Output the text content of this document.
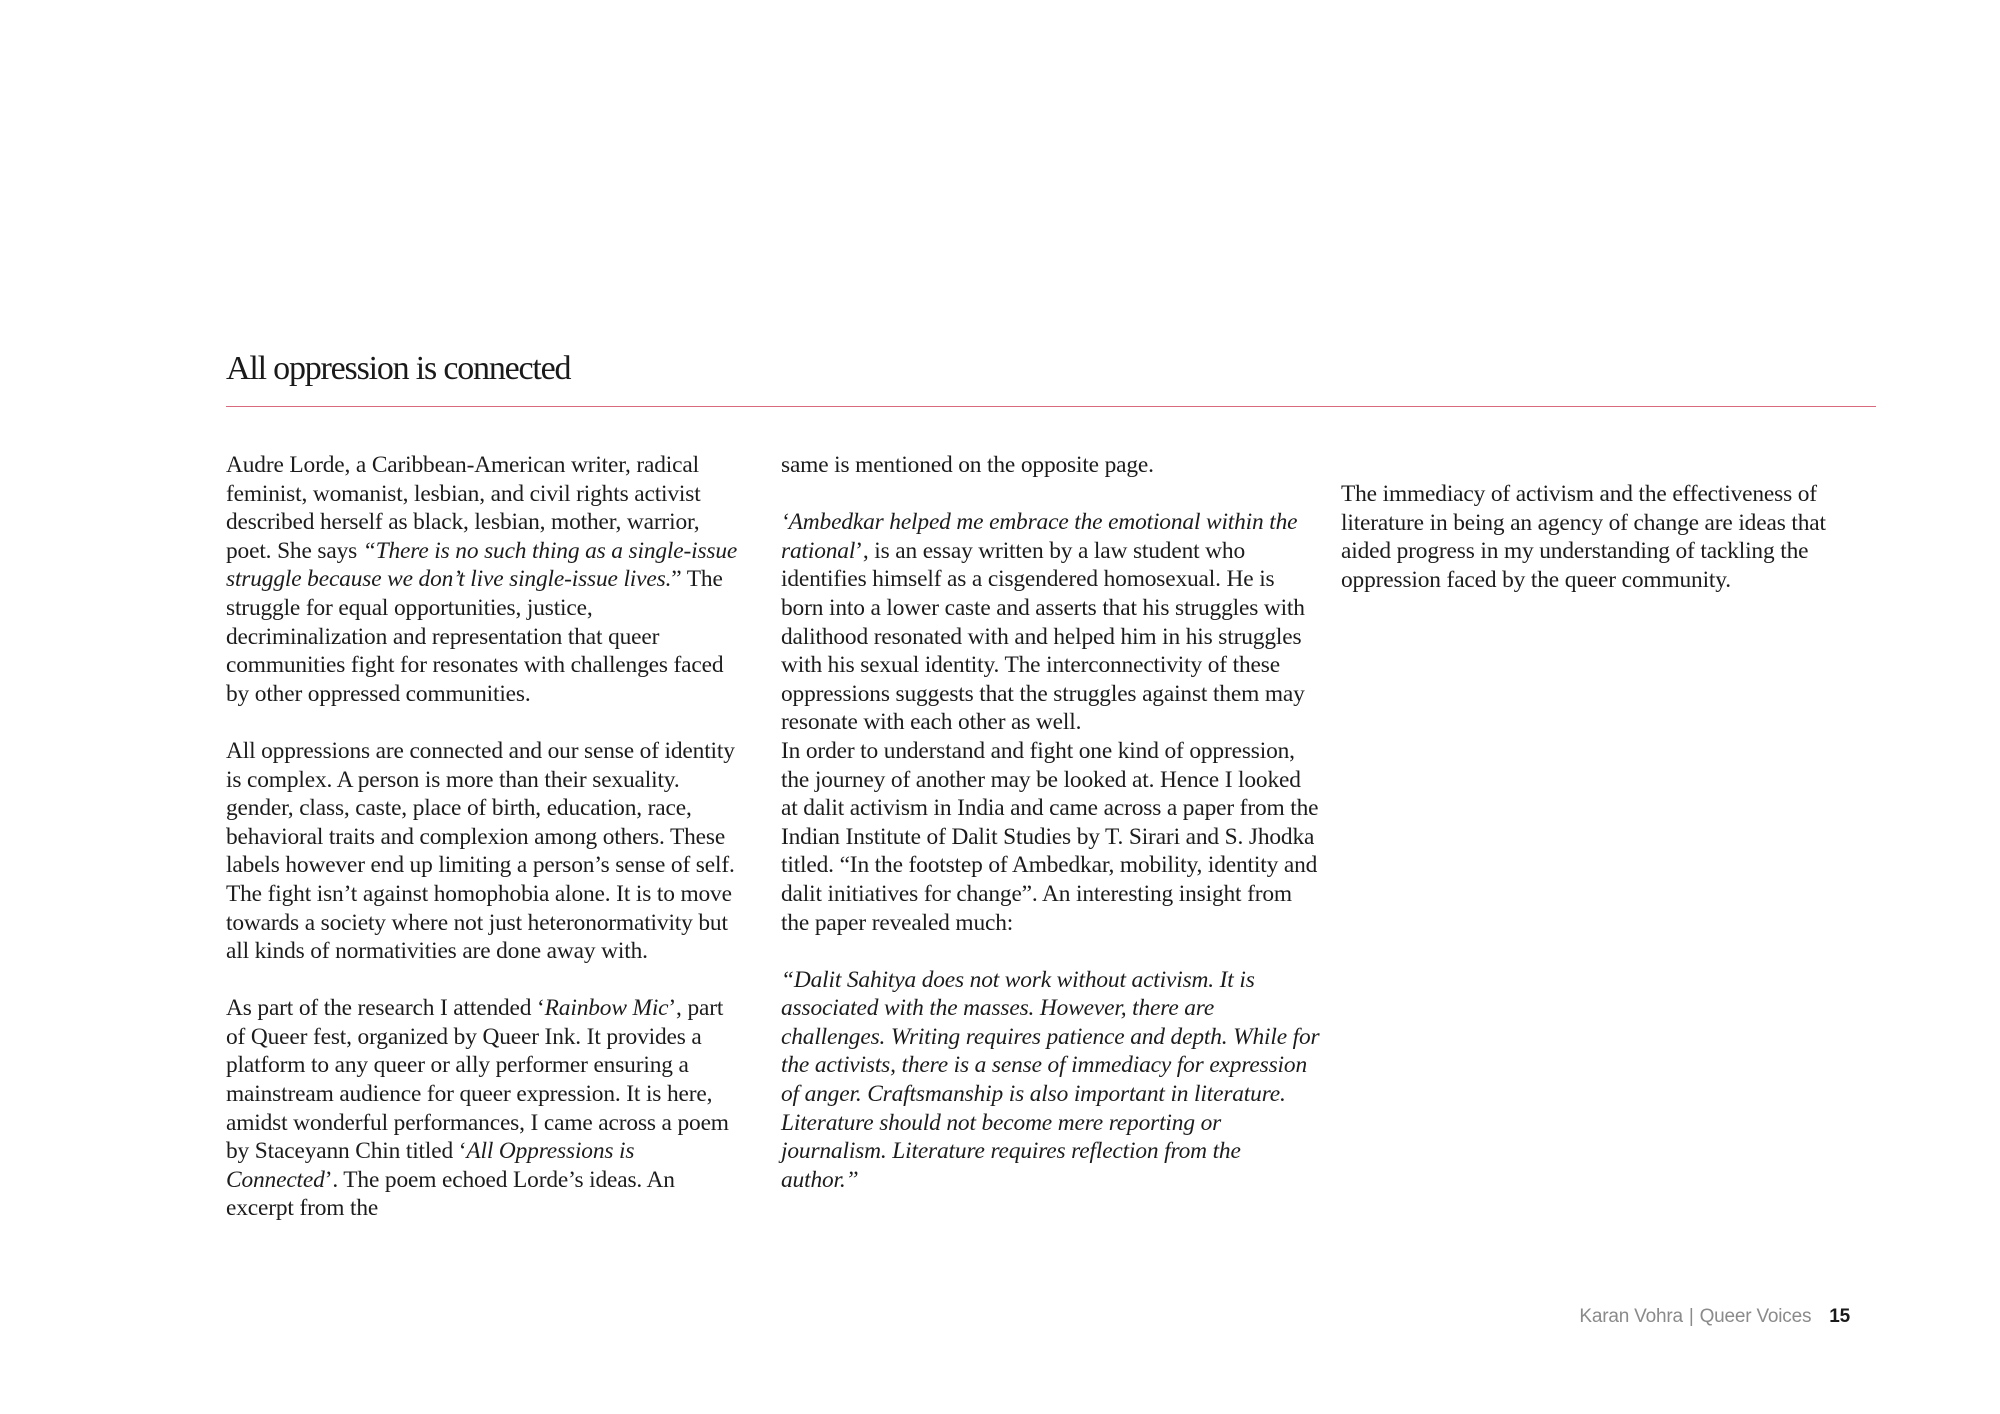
All oppression is connected

Audre Lorde, a Caribbean-American writer, radical feminist, womanist, lesbian, and civil rights activist described herself as black, lesbian, mother, warrior, poet. She says “There is no such thing as a single-issue struggle because we don’t live single-issue lives.” The struggle for equal opportunities, justice, decriminalization and representation that queer communities fight for resonates with challenges faced by other oppressed communities.

All oppressions are connected and our sense of identity is complex. A person is more than their sexuality. gender, class, caste, place of birth, education, race, behavioral traits and complexion among others. These labels however end up limiting a person’s sense of self. The fight isn’t against homophobia alone. It is to move towards a society where not just heteronormativity but all kinds of normativities are done away with.

As part of the research I attended ‘Rainbow Mic’, part of Queer fest, organized by Queer Ink. It provides a platform to any queer or ally performer ensuring a mainstream audience for queer expression. It is here, amidst wonderful performances, I came across a poem by Staceyann Chin titled ‘All Oppressions is Connected’. The poem echoed Lorde’s ideas. An excerpt from the

same is mentioned on the opposite page.

‘Ambedkar helped me embrace the emotional within the rational’, is an essay written by a law student who identifies himself as a cisgendered homosexual. He is born into a lower caste and asserts that his struggles with dalithood resonated with and helped him in his struggles with his sexual identity. The interconnectivity of these oppressions suggests that the struggles against them may resonate with each other as well.

In order to understand and fight one kind of oppression, the journey of another may be looked at. Hence I looked at dalit activism in India and came across a paper from the Indian Institute of Dalit Studies by T. Sirari and S. Jhodka titled. “In the footstep of Ambedkar, mobility, identity and dalit initiatives for change”. An interesting insight from the paper revealed much:

“Dalit Sahitya does not work without activism. It is associated with the masses. However, there are challenges. Writing requires patience and depth. While for the activists, there is a sense of immediacy for expression of anger. Craftsmanship is also important in literature. Literature should not become mere reporting or journalism. Literature requires reflection from the author.”

The immediacy of activism and the effectiveness of literature in being an agency of change are ideas that aided progress in my understanding of tackling the oppression faced by the queer community.

Karan Vohra | Queer Voices 15
